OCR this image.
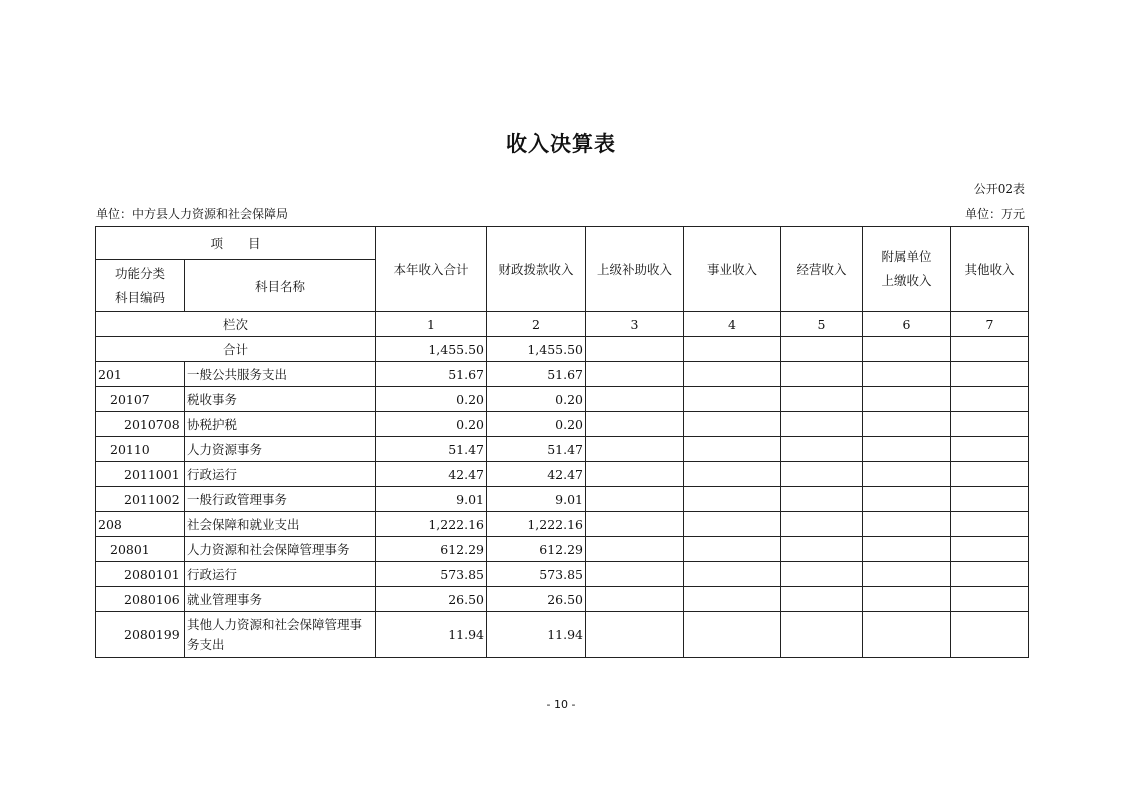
收入决算表
公开02表
单位：中方县人力资源和社会保障局	单位：万元
项　　目		本年收入合计	财政拨款收入	上级补助收入	事业收入	经营收入	附属单位上缴收入	其他收入
功能分类科目编码	科目名称							
栏次		1	2	3	4	5	6	7
合计		1,455.50	1,455.50					
201	一般公共服务支出	51.67	51.67					
20107	税收事务	0.20	0.20					
2010708	协税护税	0.20	0.20					
20110	人力资源事务	51.47	51.47					
2011001	行政运行	42.47	42.47					
2011002	一般行政管理事务	9.01	9.01					
208	社会保障和就业支出	1,222.16	1,222.16					
20801	人力资源和社会保障管理事务	612.29	612.29					
2080101	行政运行	573.85	573.85					
2080106	就业管理事务	26.50	26.50					
2080199	其他人力资源和社会保障管理事务支出	11.94	11.94					
- 10 -
